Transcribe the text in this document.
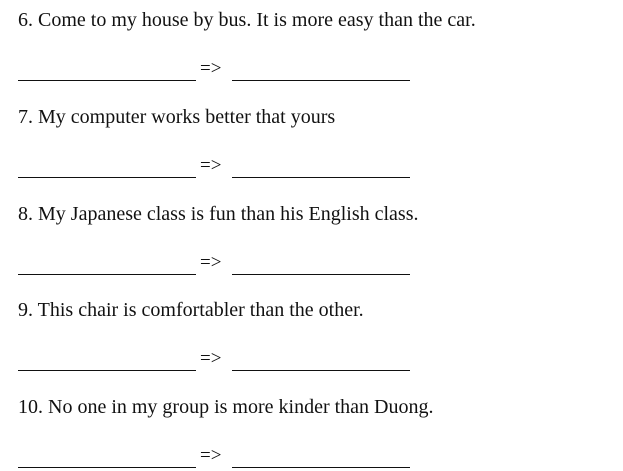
6. Come to my house by bus. It is more easy than the car.
=>
7. My computer works better that yours
=>
8. My Japanese class is fun than his English class.
=>
9. This chair is comfortabler than the other.
=>
10. No one in my group is more kinder than Duong.
=>
